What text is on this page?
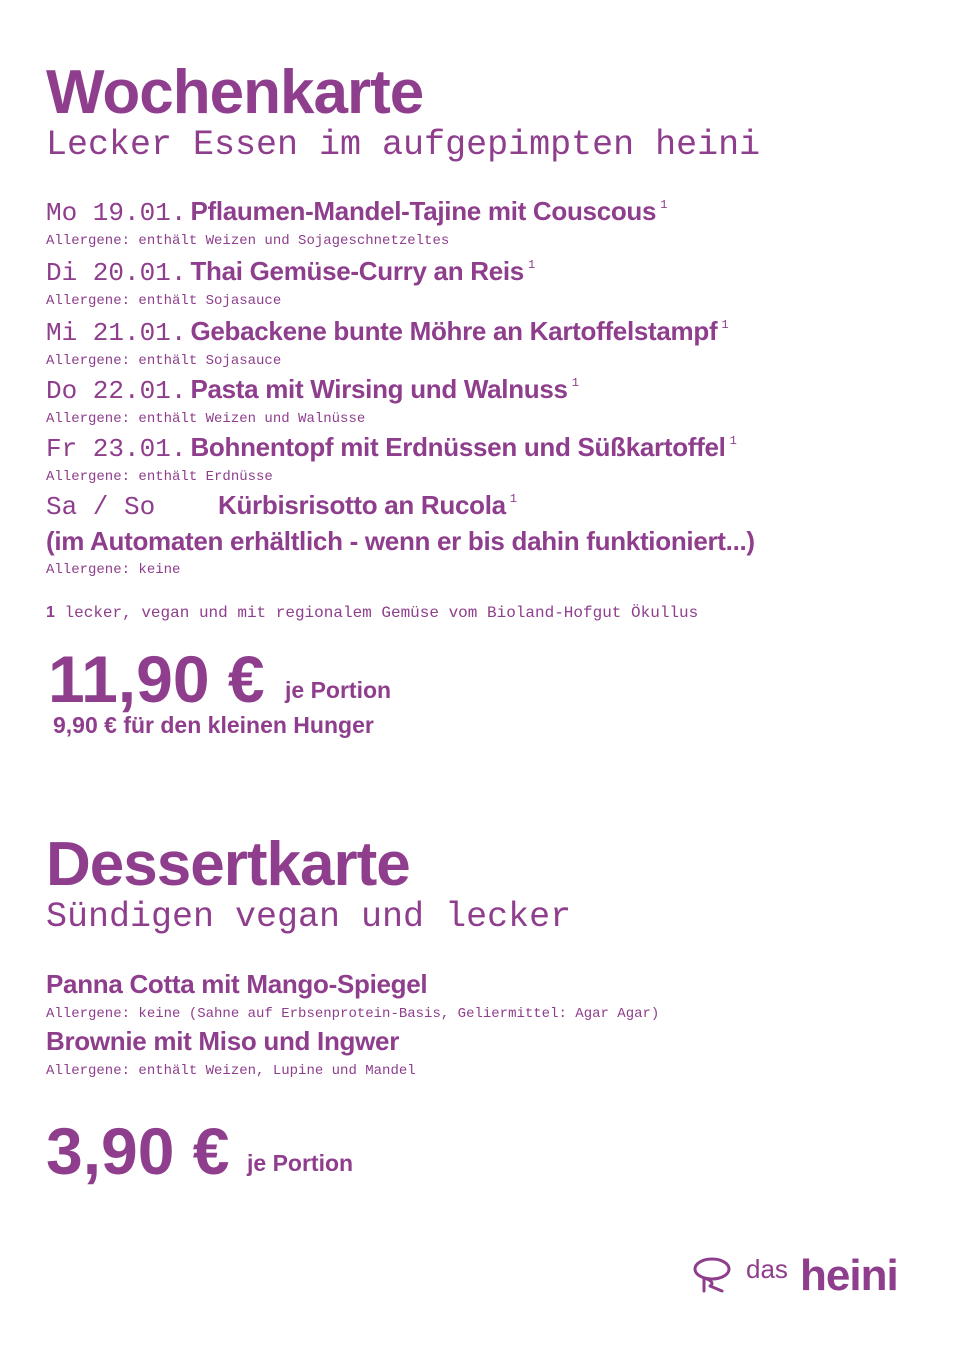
Wochenkarte
Lecker Essen im aufgepimpten heini
Mo 19.01. Pflaumen-Mandel-Tajine mit Couscous $^1$
Allergene: enthält Weizen und Sojageschnetzeltes
Di 20.01. Thai Gemüse-Curry an Reis $^1$
Allergene: enthält Sojasauce
Mi 21.01. Gebackene bunte Möhre an Kartoffelstampf $^1$
Allergene: enthält Sojasauce
Do 22.01. Pasta mit Wirsing und Walnuss $^1$
Allergene: enthält Weizen und Walnüsse
Fr 23.01. Bohnentopf mit Erdnüssen und Süßkartoffel $^1$
Allergene: enthält Erdnüsse
Sa / So Kürbisrisotto an Rucola $^1$
(im Automaten erhältlich - wenn er bis dahin funktioniert...)
Allergene: keine
1 lecker, vegan und mit regionalem Gemüse vom Bioland-Hofgut Ökullus
11,90 € je Portion
9,90 € für den kleinen Hunger
Dessertkarte
Sündigen vegan und lecker
Panna Cotta mit Mango-Spiegel
Allergene: keine (Sahne auf Erbsenprotein-Basis, Geliermittel: Agar Agar)
Brownie mit Miso und Ingwer
Allergene: enthält Weizen, Lupine und Mandel
3,90 € je Portion
das heini
